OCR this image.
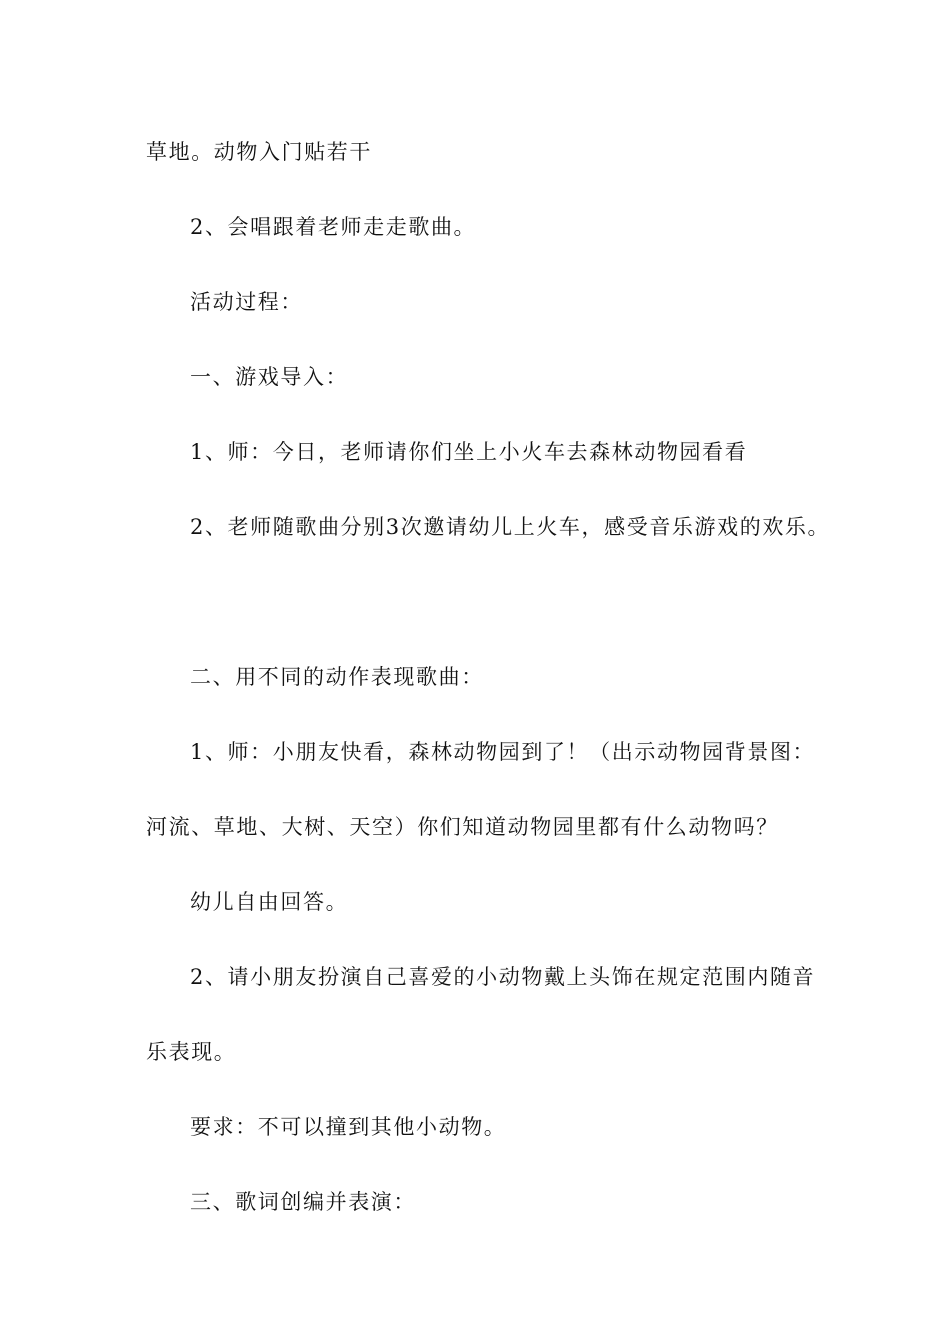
草地。动物入门贴若干
2、会唱跟着老师走走歌曲。
活动过程：
一、游戏导入：
1、师：今日，老师请你们坐上小火车去森林动物园看看
2、老师随歌曲分别3次邀请幼儿上火车，感受音乐游戏的欢乐。
二、用不同的动作表现歌曲：
1、师：小朋友快看，森林动物园到了！（出示动物园背景图：
河流、草地、大树、天空）你们知道动物园里都有什么动物吗？
幼儿自由回答。
2、请小朋友扮演自己喜爱的小动物戴上头饰在规定范围内随音
乐表现。
要求：不可以撞到其他小动物。
三、歌词创编并表演：
